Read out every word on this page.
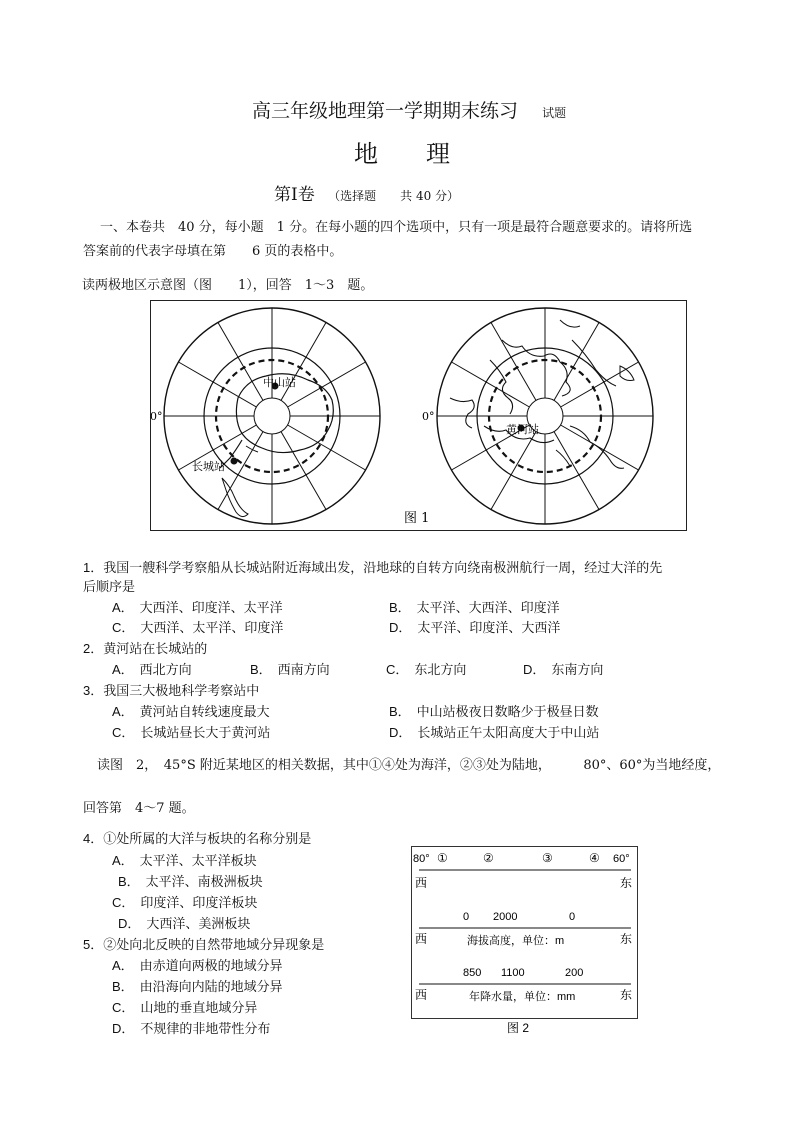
高三年级地理第一学期期末练习 试题
地　　理
第Ⅰ卷 （选择题　　共 40 分）
一、本卷共　40 分，每小题　1 分。在每小题的四个选项中，只有一项是最符合题意要求的。请将所选
答案前的代表字母填在第　　6 页的表格中。
读两极地区示意图（图　　1），回答　1～3　题。
0°
中山站
长城站
0°
黄河站
图 1
1．我国一艘科学考察船从长城站附近海域出发，沿地球的自转方向绕南极洲航行一周，经过大洋的先
后顺序是
A． 大西洋、印度洋、太平洋	B． 太平洋、大西洋、印度洋
C． 大西洋、太平洋、印度洋	D． 太平洋、印度洋、大西洋
2．黄河站在长城站的
A． 西北方向	B． 西南方向	C． 东北方向	D． 东南方向
3．我国三大极地科学考察站中
A． 黄河站自转线速度最大	B． 中山站极夜日数略少于极昼日数
C． 长城站昼长大于黄河站	D． 长城站正午太阳高度大于中山站
读图　2，　45°S 附近某地区的相关数据，其中①④处为海洋，②③处为陆地，　　　80°、60°为当地经度，
回答第　4～7 题。
4．①处所属的大洋与板块的名称分别是
A． 太平洋、太平洋板块
B． 太平洋、南极洲板块
C． 印度洋、印度洋板块
D． 大西洋、美洲板块
5．②处向北反映的自然带地域分异现象是
A． 由赤道向两极的地域分异
B． 由沿海向内陆的地域分异
C． 山地的垂直地域分异
D． 不规律的非地带性分布
80° ①	②	③	④ 60°
西	东
0 2000	0
西	海拔高度，单位：m	东
850 1100	200
西	年降水量，单位：mm	东
图 2
